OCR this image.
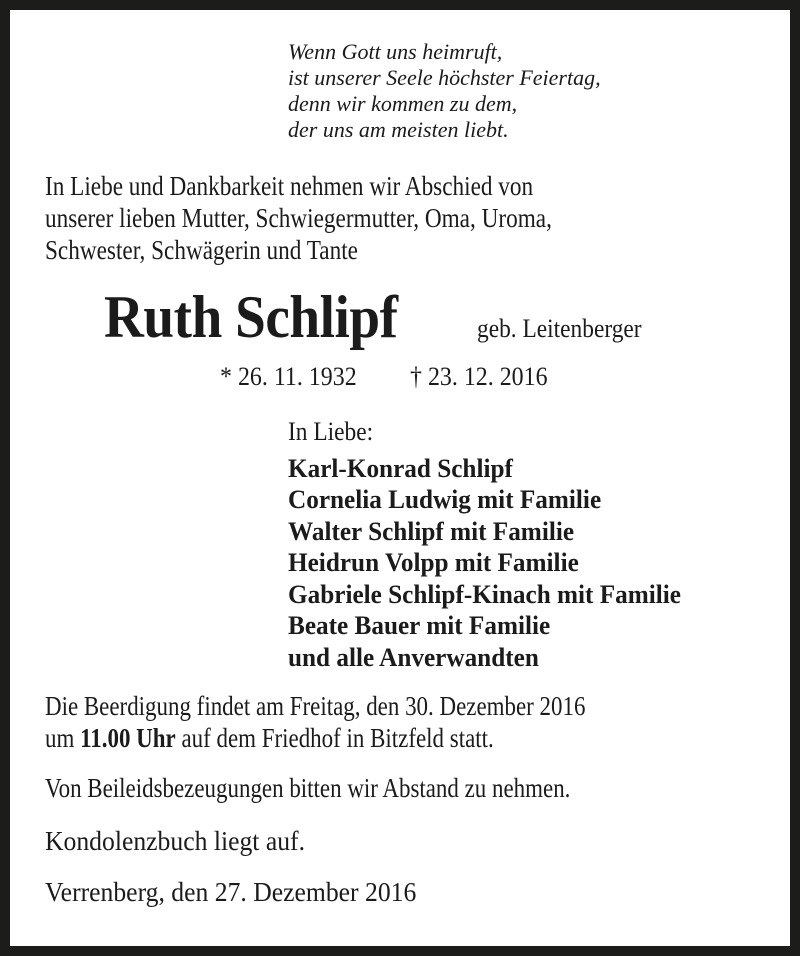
Wenn Gott uns heimruft,
ist unserer Seele höchster Feiertag,
denn wir kommen zu dem,
der uns am meisten liebt.
In Liebe und Dankbarkeit nehmen wir Abschied von
unserer lieben Mutter, Schwiegermutter, Oma, Uroma,
Schwester, Schwägerin und Tante
Ruth Schlipf	geb. Leitenberger
* 26. 11. 1932 † 23. 12. 2016
In Liebe:
Karl-Konrad Schlipf
Cornelia Ludwig mit Familie
Walter Schlipf mit Familie
Heidrun Volpp mit Familie
Gabriele Schlipf-Kinach mit Familie
Beate Bauer mit Familie
und alle Anverwandten
Die Beerdigung findet am Freitag, den 30. Dezember 2016
um 11.00 Uhr auf dem Friedhof in Bitzfeld statt.
Von Beileidsbezeugungen bitten wir Abstand zu nehmen.
Kondolenzbuch liegt auf.
Verrenberg, den 27. Dezember 2016
